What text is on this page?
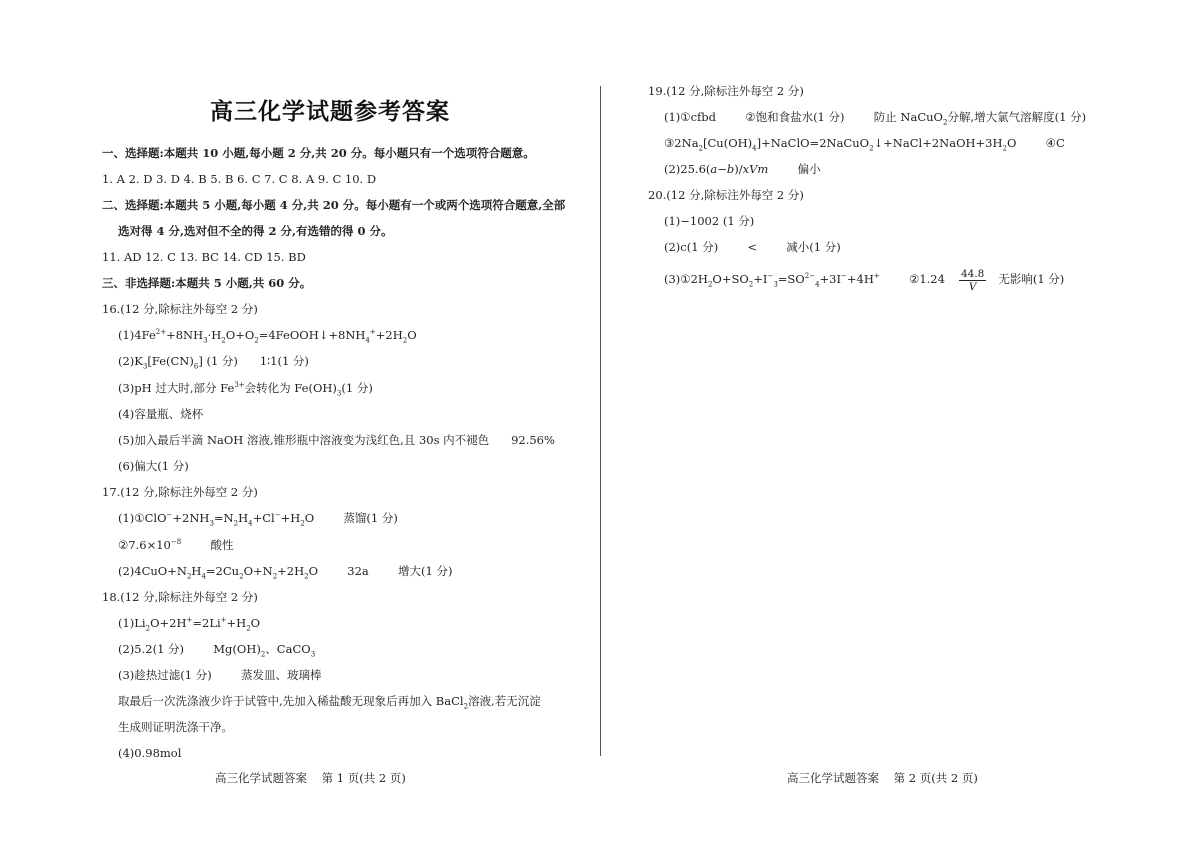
高三化学试题参考答案
一、选择题:本题共 10 小题,每小题 2 分,共 20 分。每小题只有一个选项符合题意。
1. A 2. D 3. D 4. B 5. B 6. C 7. C 8. A 9. C 10. D
二、选择题:本题共 5 小题,每小题 4 分,共 20 分。每小题有一个或两个选项符合题意,全部
选对得 4 分,选对但不全的得 2 分,有选错的得 0 分。
11. AD 12. C 13. BC 14. CD 15. BD
三、非选择题:本题共 5 小题,共 60 分。
16.(12 分,除标注外每空 2 分)
$(1)4Fe^{2+}+8NH_3\cdot H_2O+O_2=4FeOOH↓+8NH_4^++2H_2O$
$(2)K_3[Fe(CN)_6]$ (1 分)      1∶1(1 分)
(3)pH 过大时,部分 $Fe^{3+}$会转化为 $Fe(OH)_3(1$ 分)
(4)容量瓶、烧杯
(5)加入最后半滴 NaOH 溶液,锥形瓶中溶液变为浅红色,且 30s 内不褪色      92.56%
(6)偏大(1 分)
17.(12 分,除标注外每空 2 分)
$(1)①ClO^-+2NH_3=N_2H_4+Cl^-+H_2O$        蒸馏(1 分)
$②7.6\times 10^{-8}$        酸性
$(2)4CuO+N_2H_4=2Cu_2O+N_2+2H_2O$        32a        增大(1 分)
18.(12 分,除标注外每空 2 分)
$(1)Li_2O+2H^+=2Li^++H_2O$
(2)5.2(1 分)        $Mg(OH)_2$、CaCO$_3$
(3)趁热过滤(1 分)        蒸发皿、玻璃棒
取最后一次洗涤液少许于试管中,先加入稀盐酸无现象后再加入 BaCl$_2$溶液,若无沉淀
生成则证明洗涤干净。
(4)0.98mol
高三化学试题答案    第 1 页(共 2 页)
19.(12 分,除标注外每空 2 分)
(1)①cfbd        ②饱和食盐水(1 分)        防止 NaCuO$_2$分解,增大氯气溶解度(1 分)
$③2Na_2[Cu(OH)_4]+NaClO=2NaCuO_2↓+NaCl+2NaOH+3H_2O$        ④C
(2)25.6(a−b)/xVm        偏小
20.(12 分,除标注外每空 2 分)
(1)−1002 (1 分)
(2)c(1 分)        <        减小(1 分)
$(3)①2H_2O+SO_2+I^-_3=SO^{2-}_4+3I^-+4H^+$        ②1.24 $\frac{44.8}{V}$ 无影响(1 分)
高三化学试题答案    第 2 页(共 2 页)
